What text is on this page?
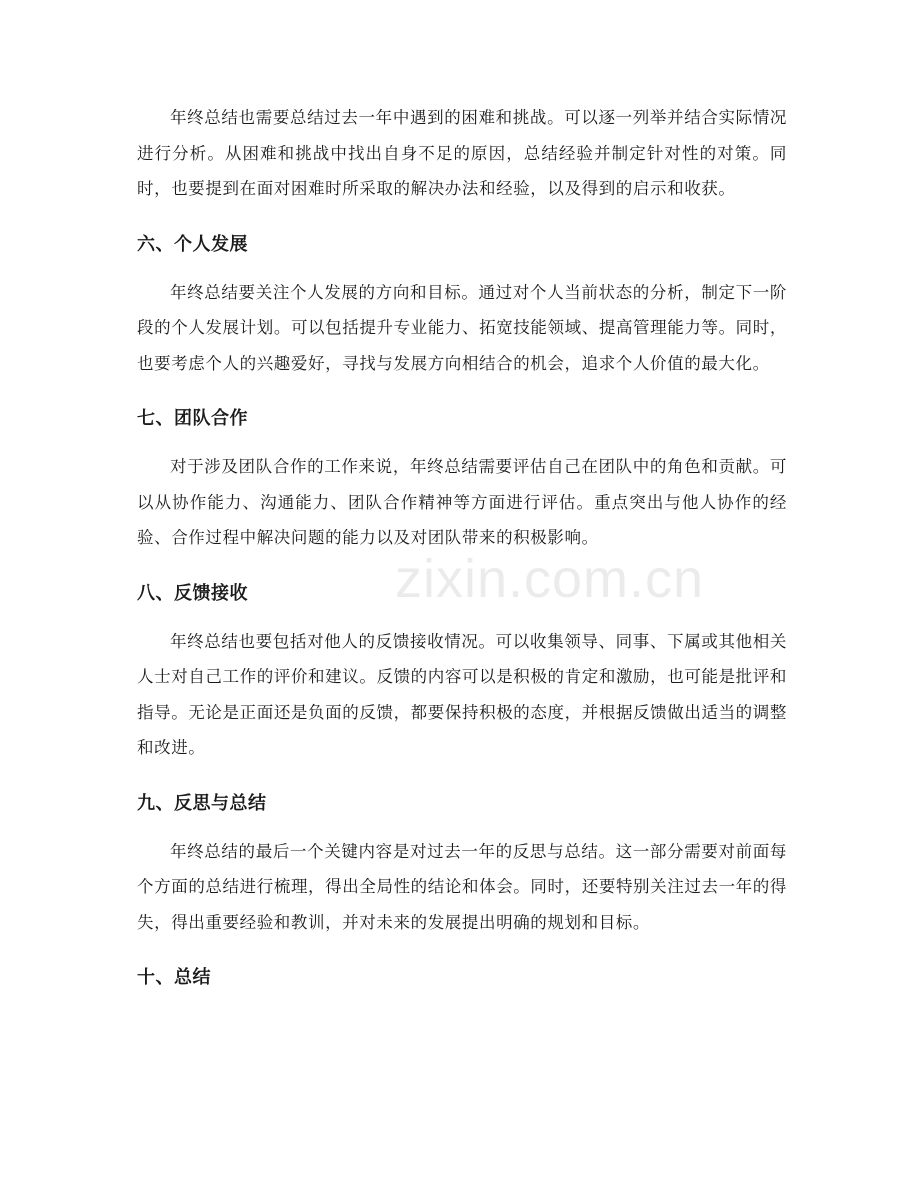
zixin.com.cn

年终总结也需要总结过去一年中遇到的困难和挑战。可以逐一列举并结合实际情况进行分析。从困难和挑战中找出自身不足的原因，总结经验并制定针对性的对策。同时，也要提到在面对困难时所采取的解决办法和经验，以及得到的启示和收获。

六、个人发展

年终总结要关注个人发展的方向和目标。通过对个人当前状态的分析，制定下一阶段的个人发展计划。可以包括提升专业能力、拓宽技能领域、提高管理能力等。同时，也要考虑个人的兴趣爱好，寻找与发展方向相结合的机会，追求个人价值的最大化。

七、团队合作

对于涉及团队合作的工作来说，年终总结需要评估自己在团队中的角色和贡献。可以从协作能力、沟通能力、团队合作精神等方面进行评估。重点突出与他人协作的经验、合作过程中解决问题的能力以及对团队带来的积极影响。

八、反馈接收

年终总结也要包括对他人的反馈接收情况。可以收集领导、同事、下属或其他相关人士对自己工作的评价和建议。反馈的内容可以是积极的肯定和激励，也可能是批评和指导。无论是正面还是负面的反馈，都要保持积极的态度，并根据反馈做出适当的调整和改进。

九、反思与总结

年终总结的最后一个关键内容是对过去一年的反思与总结。这一部分需要对前面每个方面的总结进行梳理，得出全局性的结论和体会。同时，还要特别关注过去一年的得失，得出重要经验和教训，并对未来的发展提出明确的规划和目标。

十、总结
